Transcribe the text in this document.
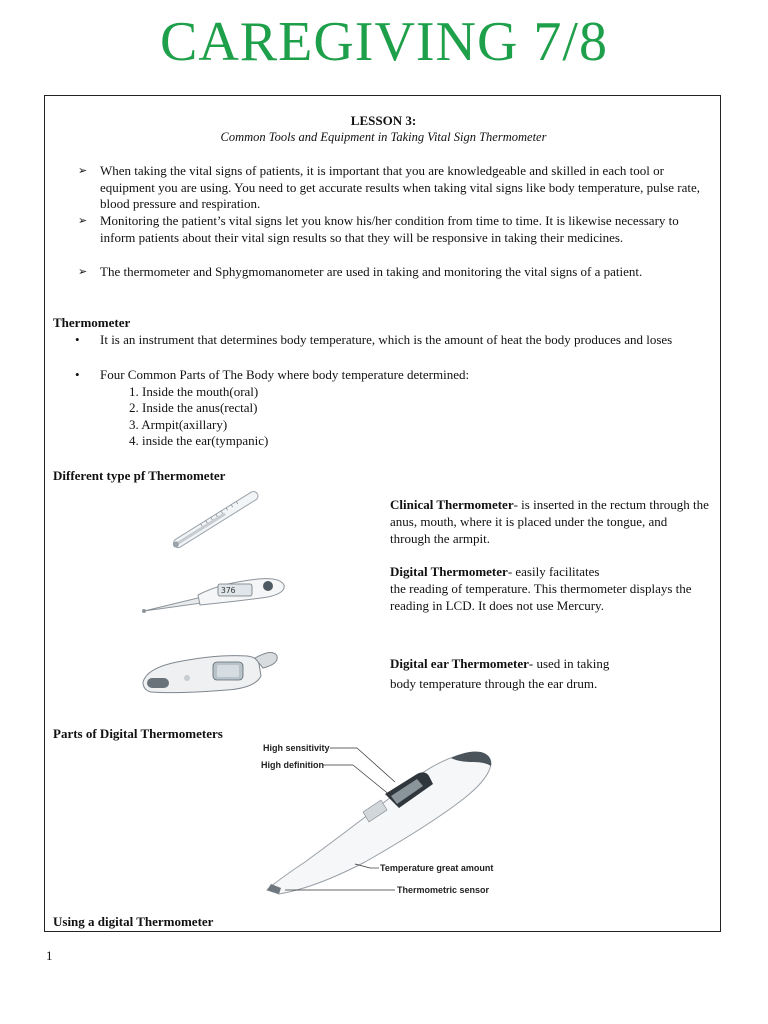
CAREGIVING 7/8
LESSON 3:
Common Tools and Equipment in Taking Vital Sign Thermometer
➢ When taking the vital signs of patients, it is important that you are knowledgeable and skilled in each tool or equipment you are using. You need to get accurate results when taking vital signs like body temperature, pulse rate, blood pressure and respiration.
➢ Monitoring the patient’s vital signs let you know his/her condition from time to time. It is likewise necessary to inform patients about their vital sign results so that they will be responsive in taking their medicines.
➢ The thermometer and Sphygmomanometer are used in taking and monitoring the vital signs of a patient.
Thermometer
• It is an instrument that determines body temperature, which is the amount of heat the body produces and loses
• Four Common Parts of The Body where body temperature determined:
1. Inside the mouth(oral)
2. Inside the anus(rectal)
3. Armpit(axillary)
4. inside the ear(tympanic)
Different type pf Thermometer
376
Clinical Thermometer- is inserted in the rectum through the anus, mouth, where it is placed under the tongue, and through the armpit.
Digital Thermometer- easily facilitates
the reading of temperature. This thermometer displays the reading in LCD. It does not use Mercury.
Digital ear Thermometer- used in taking
body temperature through the ear drum.
Parts of Digital Thermometers
High sensitivity
High definition
Temperature great amount
Thermometric sensor
Using a digital Thermometer
1
